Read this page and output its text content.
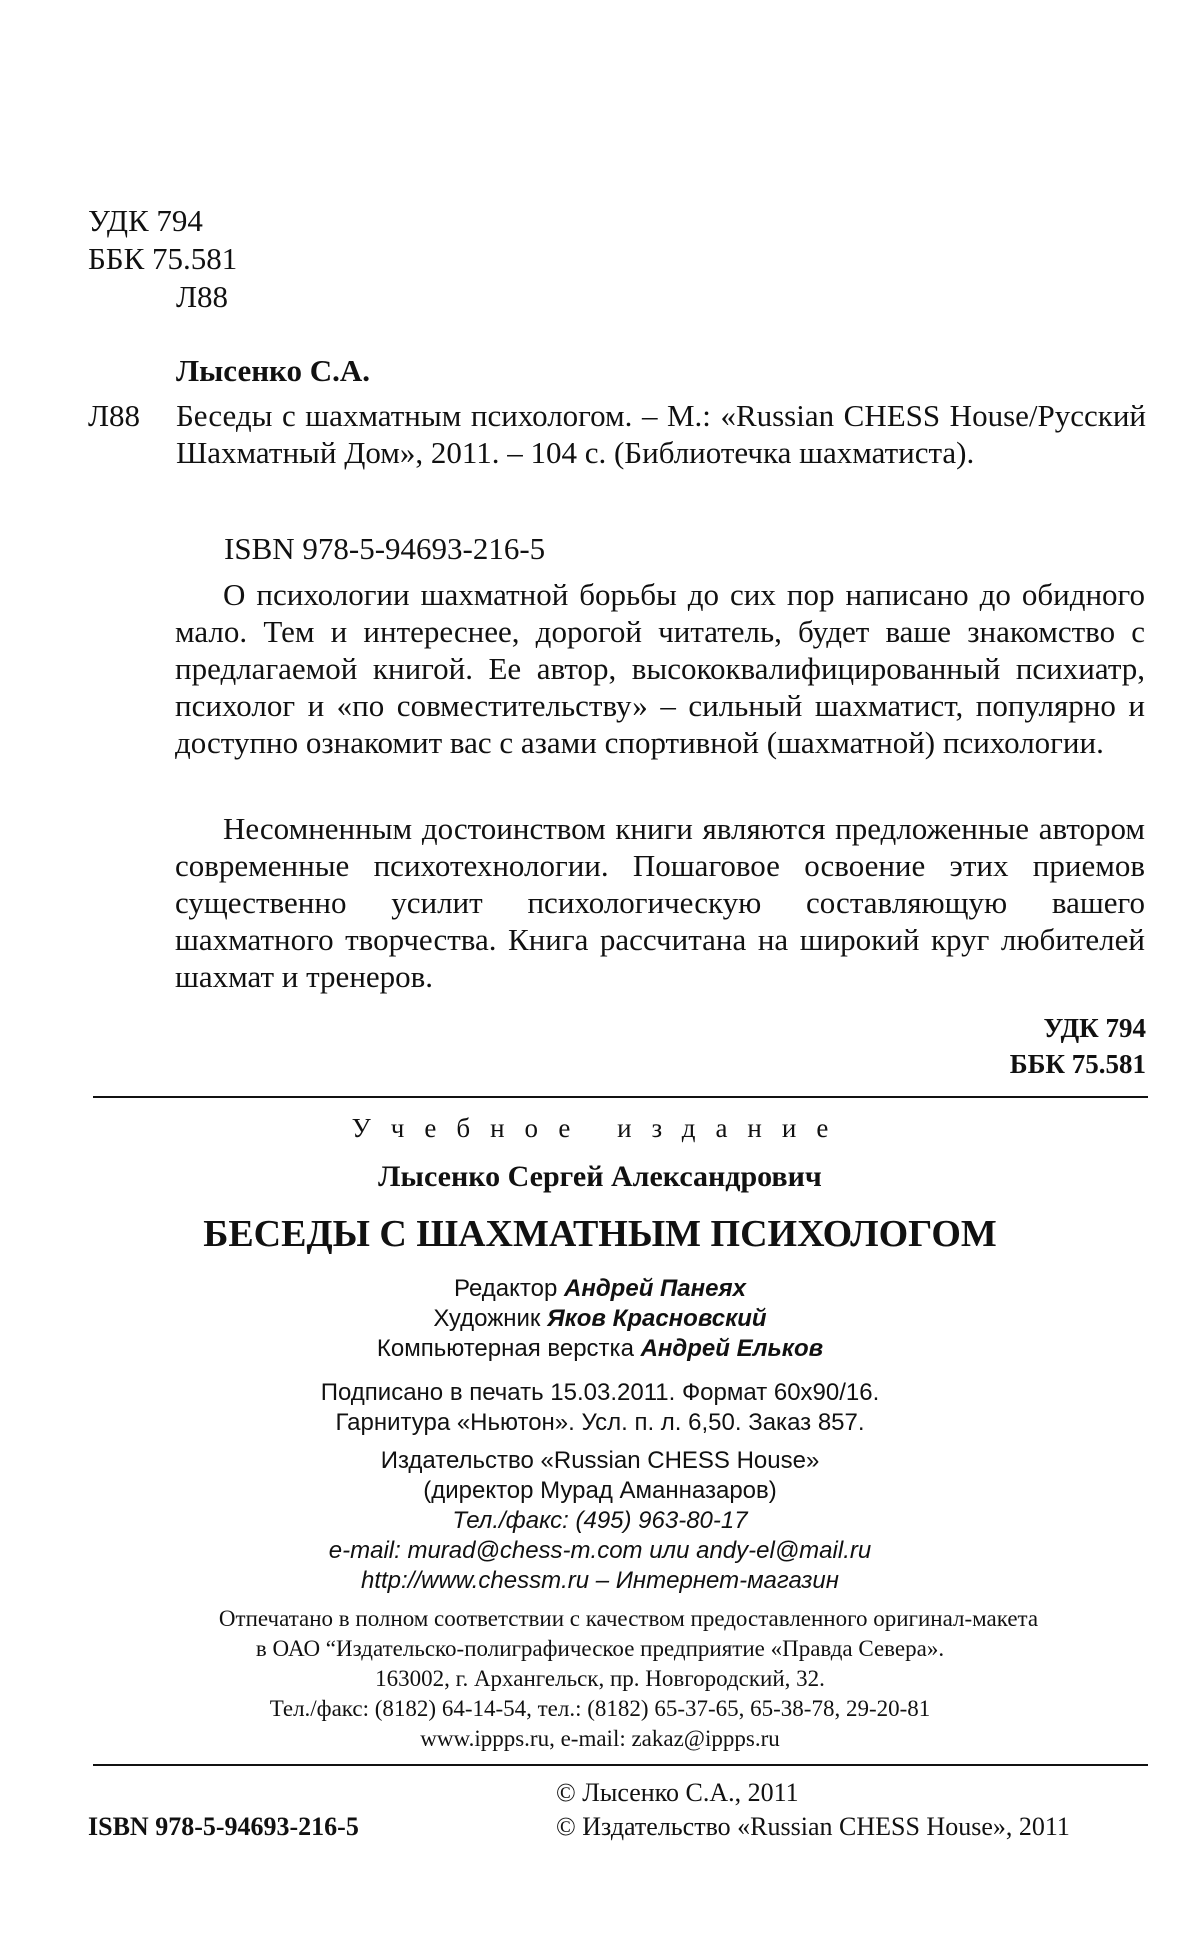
УДК 794
ББК 75.581
Л88
Лысенко С.А.
Л88 Беседы с шахматным психологом. – М.: «Russian CHESS House/Русский Шахматный Дом», 2011. – 104 с. (Библиотечка шахматиста).
ISBN 978-5-94693-216-5
О психологии шахматной борьбы до сих пор написано до обидного мало. Тем и интереснее, дорогой читатель, будет ваше знакомство с предлагаемой книгой. Ее автор, высококвалифицированный психиатр, психолог и «по совместительству» – сильный шахматист, популярно и доступно ознакомит вас с азами спортивной (шахматной) психологии.
Несомненным достоинством книги являются предложенные автором современные психотехнологии. Пошаговое освоение этих приемов существенно усилит психологическую составляющую вашего шахматного творчества. Книга рассчитана на широкий круг любителей шахмат и тренеров.
УДК 794
ББК 75.581
Учебное издание
Лысенко Сергей Александрович
БЕСЕДЫ С ШАХМАТНЫМ ПСИХОЛОГОМ
Редактор Андрей Панеях
Художник Яков Красновский
Компьютерная верстка Андрей Ельков
Подписано в печать 15.03.2011. Формат 60x90/16.
Гарнитура «Ньютон». Усл. п. л. 6,50. Заказ 857.
Издательство «Russian CHESS House»
(директор Мурад Аманназаров)
Тел./факс: (495) 963-80-17
e-mail: murad@chess-m.com или andy-el@mail.ru
http://www.chessm.ru – Интернет-магазин
Отпечатано в полном соответствии с качеством предоставленного оригинал-макета
в ОАО “Издательско-полиграфическое предприятие «Правда Севера».
163002, г. Архангельск, пр. Новгородский, 32.
Тел./факс: (8182) 64-14-54, тел.: (8182) 65-37-65, 65-38-78, 29-20-81
www.ippps.ru, e-mail: zakaz@ippps.ru
ISBN 978-5-94693-216-5
© Лысенко С.А., 2011
© Издательство «Russian CHESS House», 2011
